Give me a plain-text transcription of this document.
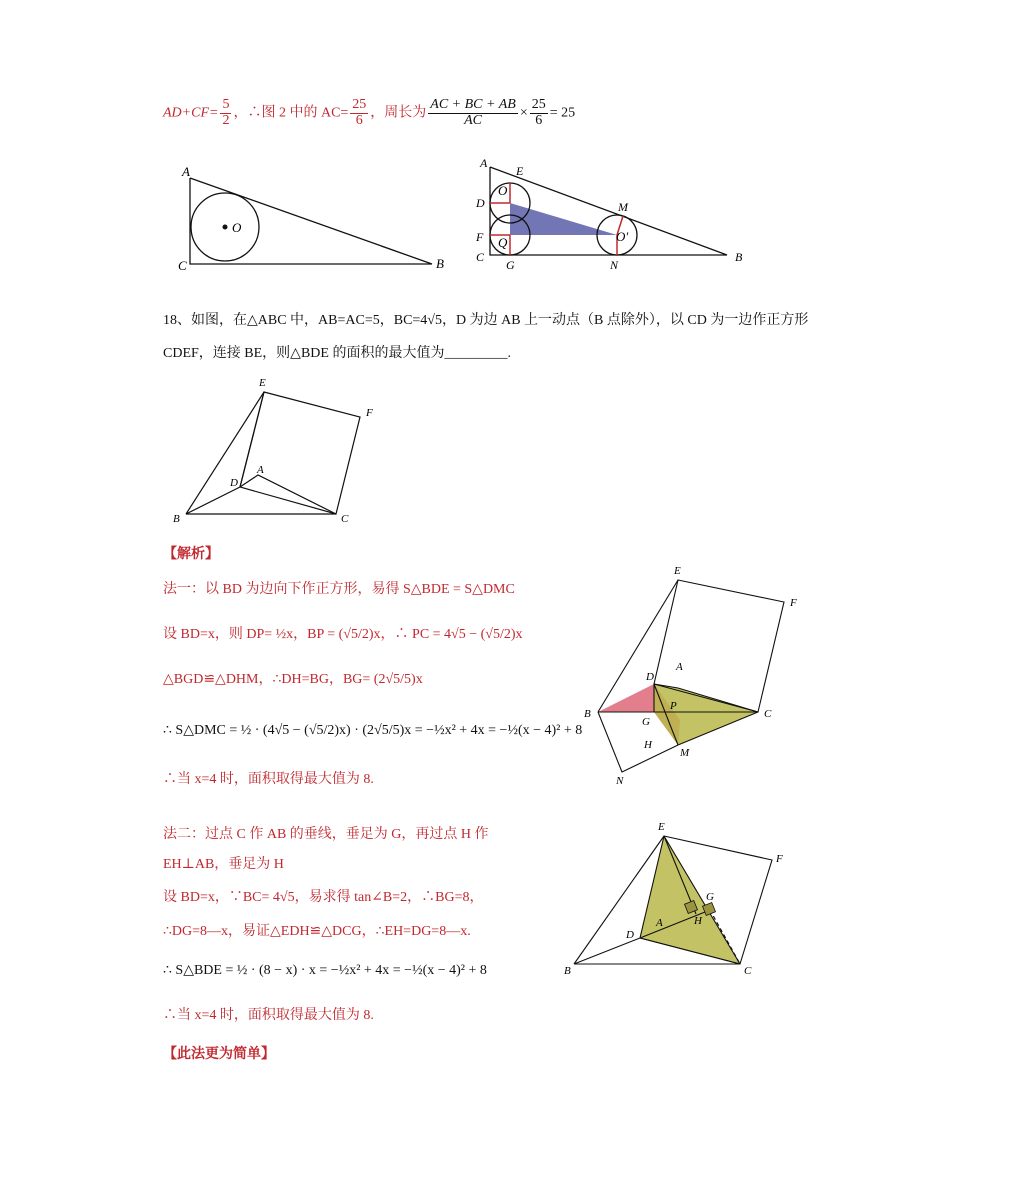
$AD+CF= \frac{5}{2}$ ，∴图 2 中的 $AC= \frac{25}{6}$ ，周长为 $\frac{AC + BC + AB}{AC} \times \frac{25}{6} = 25$
A
C	B
O
A
E
O
M
D
F Q	O′
C
G	N
B
18、如图，在△ABC 中，AB=AC=5，BC=4√5，D 为边 AB 上一动点（B 点除外），以 CD 为一边作正方形
CDEF，连接 BE，则△BDE 的面积的最大值为_________.
E
F
D
A
B	C
【解析】
法一：以 BD 为边向下作正方形，易得 S△BDE = S△DMC
设 BD=x，则 DP= ½x，BP = (√5/2)x，∴ PC = 4√5 − (√5/2)x
△BGD≌△DHM，∴DH=BG，BG= (2√5/5)x
∴ S△DMC = ½ · (4√5 − (√5/2)x) · (2√5/5)x = −½x² + 4x = −½(x − 4)² + 8
∴当 x=4 时，面积取得最大值为 8.
E
F
D
A
B
G
P
C
H
M
N
法二：过点 C 作 AB 的垂线，垂足为 G，再过点 H 作
EH⊥AB，垂足为 H
设 BD=x，∵BC= 4√5，易求得 tan∠B=2，∴BG=8，
∴DG=8—x，易证△EDH≌△DCG，∴EH=DG=8—x.
∴ S△BDE = ½ · (8 − x) · x = −½x² + 4x = −½(x − 4)² + 8
∴当 x=4 时，面积取得最大值为 8.
E
F
G
H
A
D
B	C
【此法更为简单】
